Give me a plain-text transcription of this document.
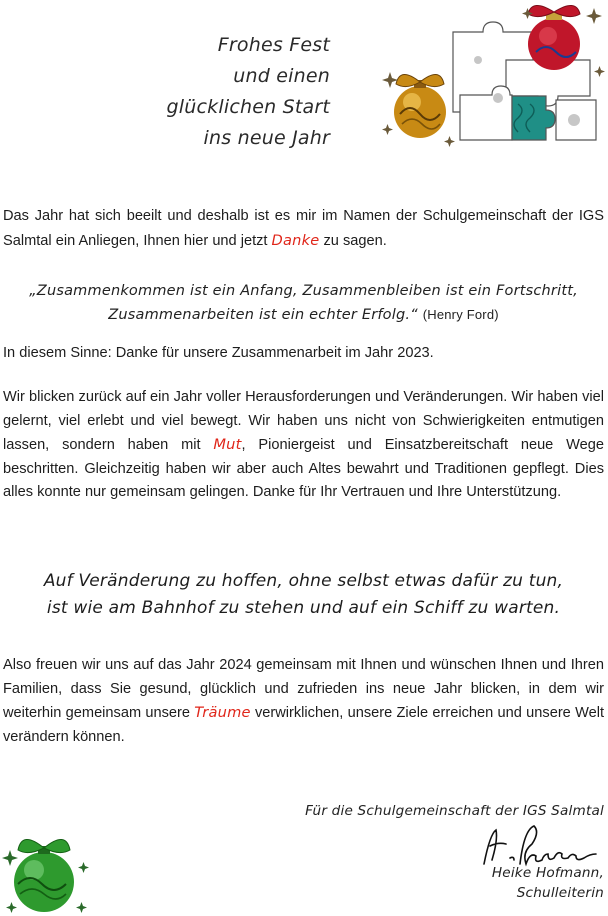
Frohes Fest
und einen
glücklichen Start
ins neue Jahr
Das Jahr hat sich beeilt und deshalb ist es mir im Namen der Schulgemeinschaft der IGS Salmtal ein Anliegen, Ihnen hier und jetzt Danke zu sagen.
„Zusammenkommen ist ein Anfang, Zusammenbleiben ist ein Fortschritt, Zusammenarbeiten ist ein echter Erfolg.“ (Henry Ford)
In diesem Sinne: Danke für unsere Zusammenarbeit im Jahr 2023.
Wir blicken zurück auf ein Jahr voller Herausforderungen und Veränderungen. Wir haben viel gelernt, viel erlebt und viel bewegt. Wir haben uns nicht von Schwierigkeiten entmutigen lassen, sondern haben mit Mut, Pioniergeist und Einsatzbereitschaft neue Wege beschritten. Gleichzeitig haben wir aber auch Altes bewahrt und Traditionen gepflegt. Dies alles konnte nur gemeinsam gelingen. Danke für Ihr Vertrauen und Ihre Unterstützung.
Auf Veränderung zu hoffen, ohne selbst etwas dafür zu tun,
ist wie am Bahnhof zu stehen und auf ein Schiff zu warten.
Also freuen wir uns auf das Jahr 2024 gemeinsam mit Ihnen und wünschen Ihnen und Ihren Familien, dass Sie gesund, glücklich und zufrieden ins neue Jahr blicken, in dem wir weiterhin gemeinsam unsere Träume verwirklichen, unsere Ziele erreichen und unsere Welt verändern können.
Für die Schulgemeinschaft der IGS Salmtal
Heike Hofmann,
Schulleiterin
